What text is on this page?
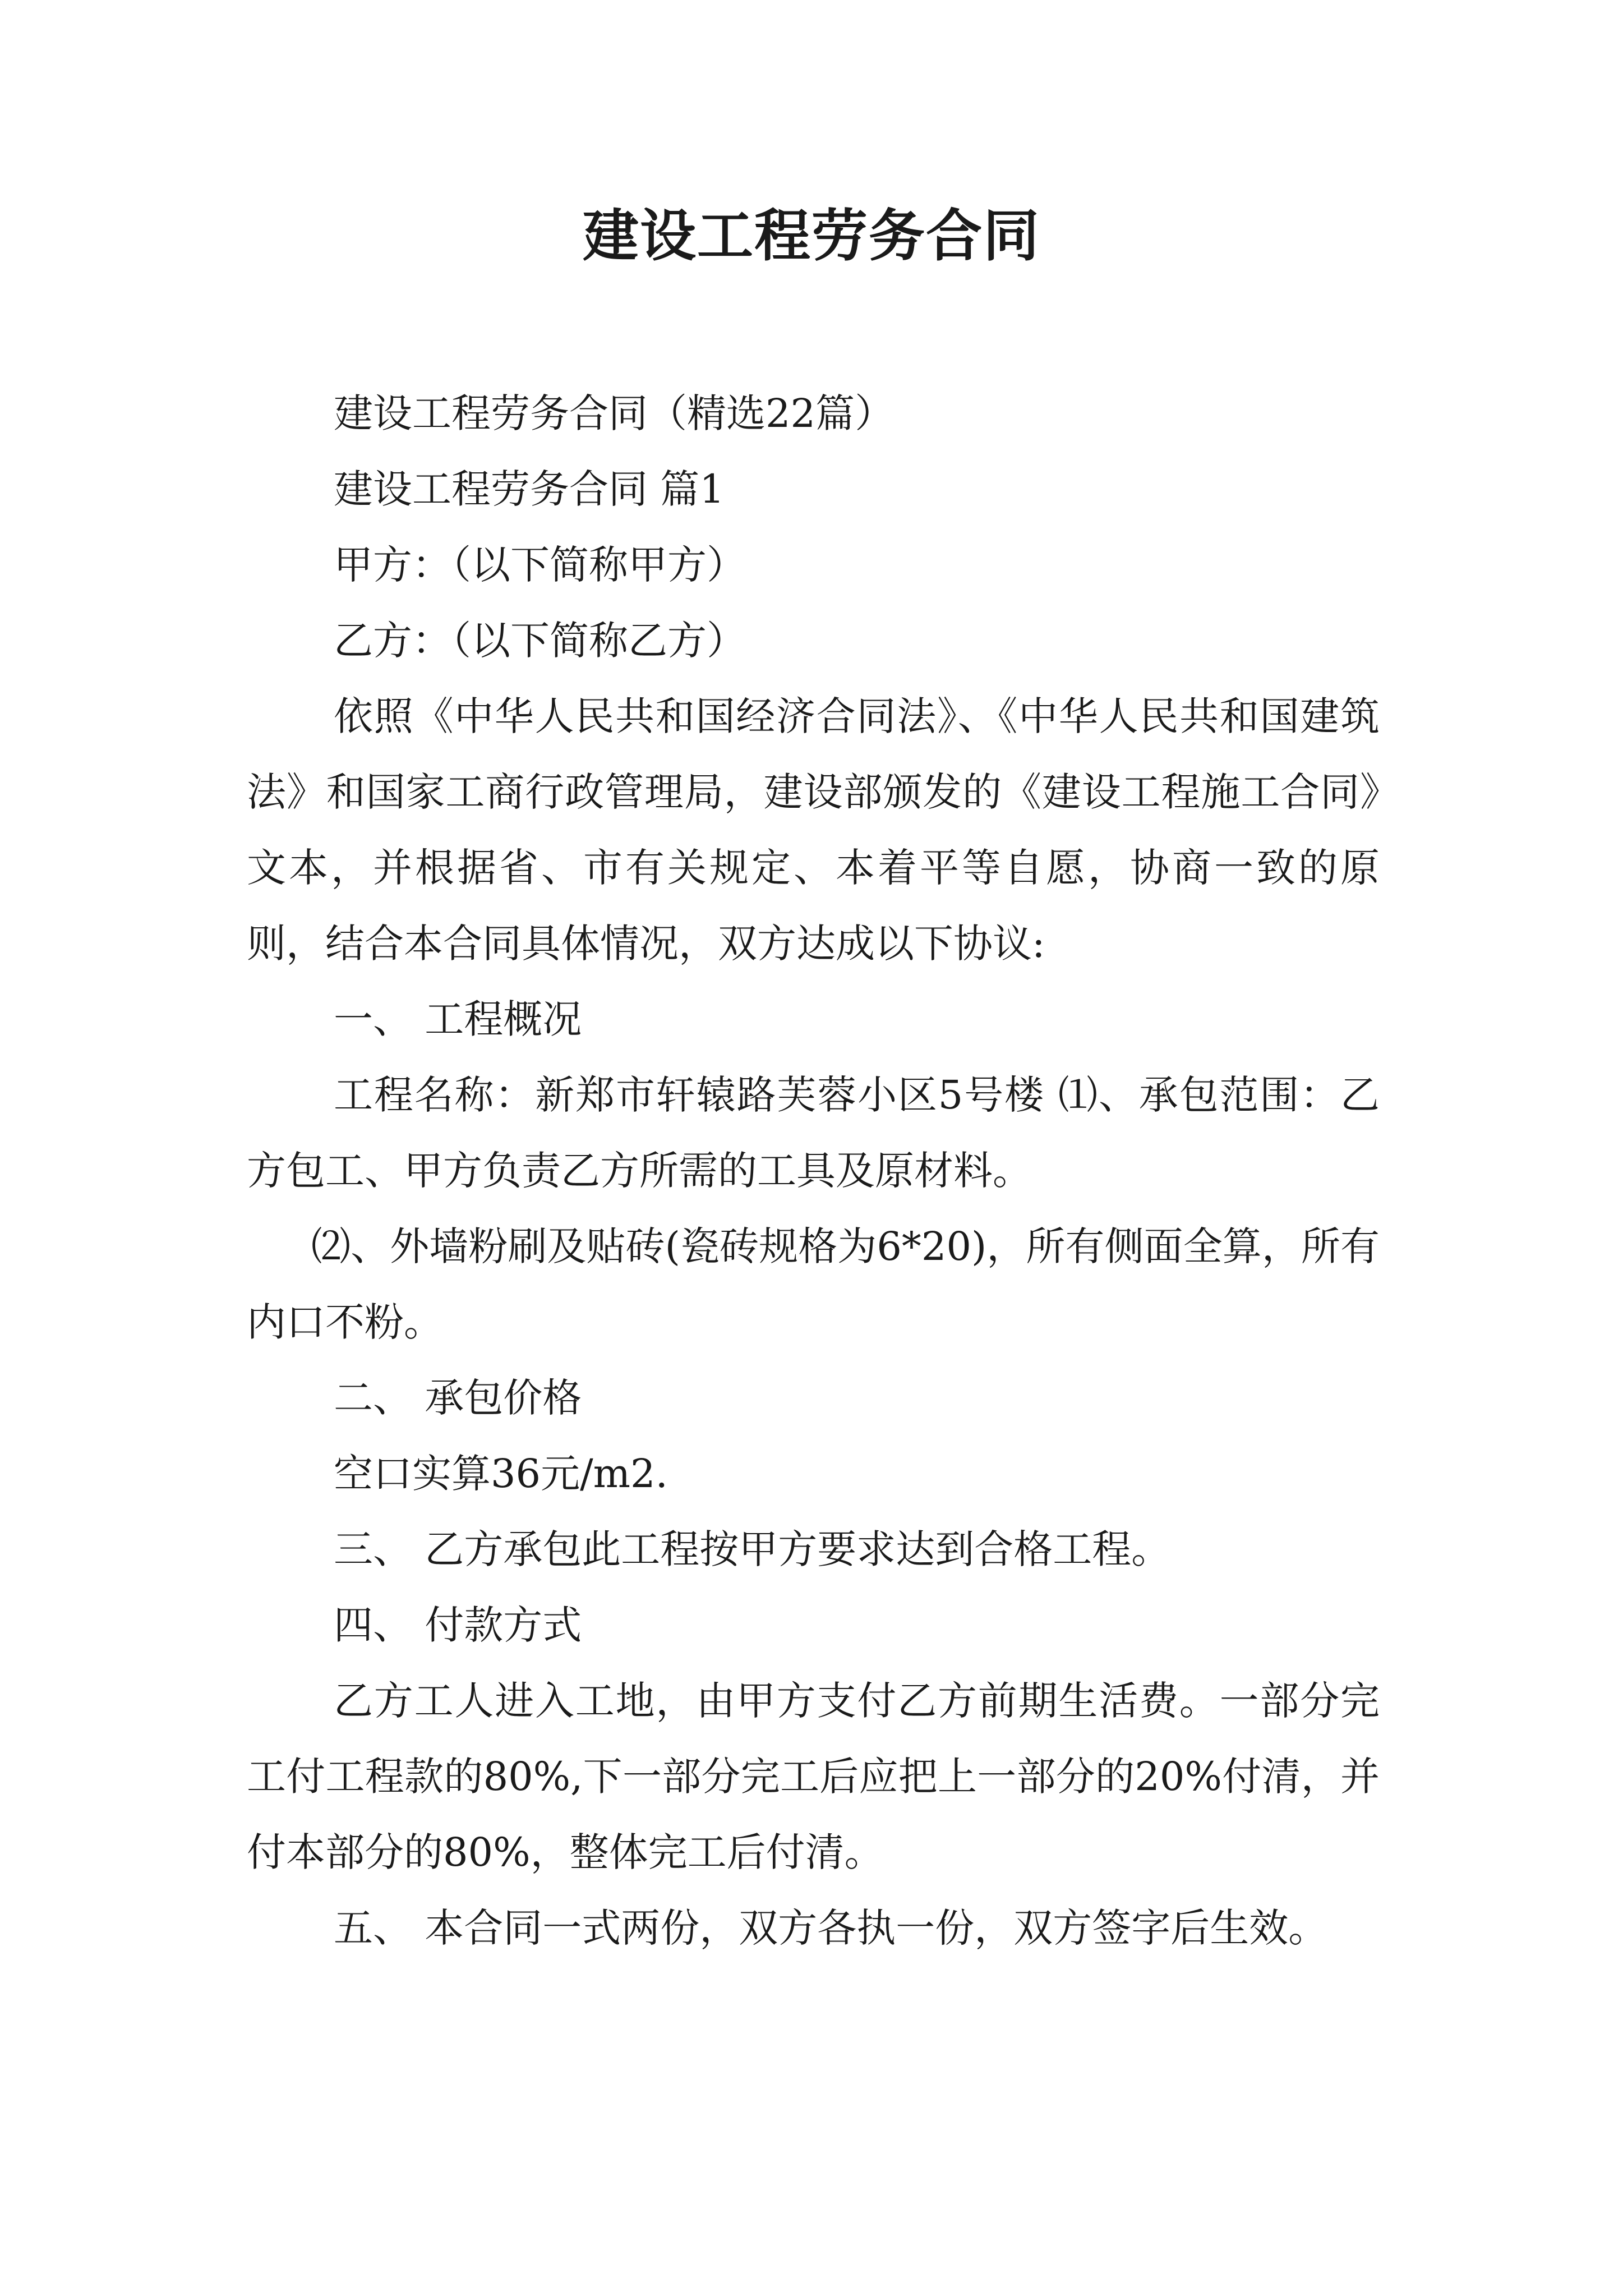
建设工程劳务合同

建设工程劳务合同（精选22篇）

建设工程劳务合同 篇1

甲方：（以下简称甲方）

乙方：（以下简称乙方）

依照《中华人民共和国经济合同法》、《中华人民共和国建筑法》和国家工商行政管理局，建设部颁发的《建设工程施工合同》文本，并根据省、市有关规定、本着平等自愿，协商一致的原则，结合本合同具体情况，双方达成以下协议:

一、 工程概况

工程名称：新郑市轩辕路芙蓉小区5号楼 ⑴、承包范围：乙方包工、甲方负责乙方所需的工具及原材料。

⑵、外墙粉刷及贴砖(瓷砖规格为6*20)，所有侧面全算，所有内口不粉。

二、 承包价格

空口实算36元/m2.

三、 乙方承包此工程按甲方要求达到合格工程。

四、 付款方式

乙方工人进入工地，由甲方支付乙方前期生活费。一部分完工付工程款的80%,下一部分完工后应把上一部分的20%付清，并付本部分的80%，整体完工后付清。

五、 本合同一式两份，双方各执一份，双方签字后生效。
